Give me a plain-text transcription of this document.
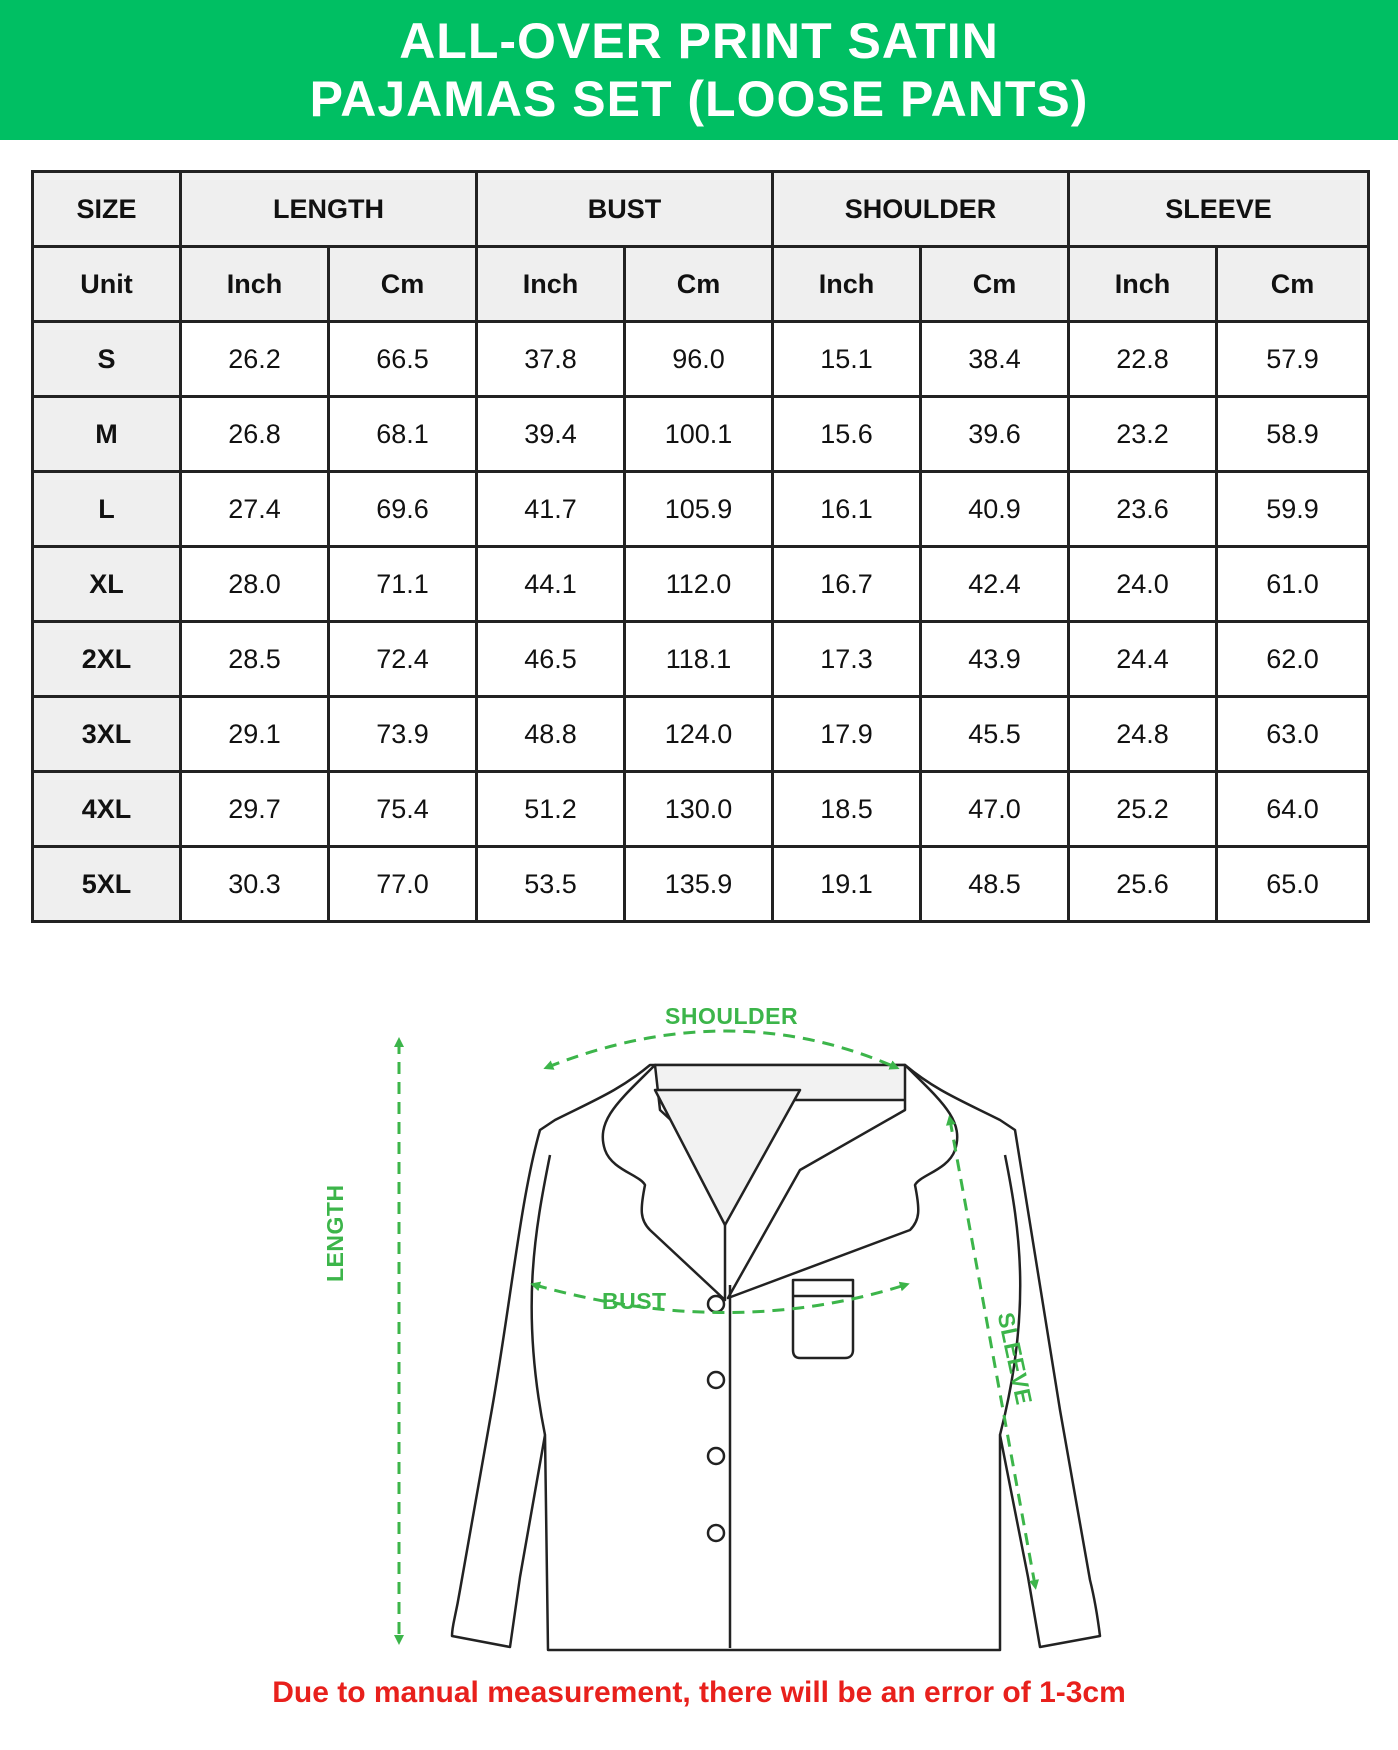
ALL-OVER PRINT SATIN
PAJAMAS SET (LOOSE PANTS)
SIZE	LENGTH		BUST		SHOULDER		SLEEVE	
Unit	Inch	Cm	Inch	Cm	Inch	Cm	Inch	Cm
S	26.2	66.5	37.8	96.0	15.1	38.4	22.8	57.9
M	26.8	68.1	39.4	100.1	15.6	39.6	23.2	58.9
L	27.4	69.6	41.7	105.9	16.1	40.9	23.6	59.9
XL	28.0	71.1	44.1	112.0	16.7	42.4	24.0	61.0
2XL	28.5	72.4	46.5	118.1	17.3	43.9	24.4	62.0
3XL	29.1	73.9	48.8	124.0	17.9	45.5	24.8	63.0
4XL	29.7	75.4	51.2	130.0	18.5	47.0	25.2	64.0
5XL	30.3	77.0	53.5	135.9	19.1	48.5	25.6	65.0
SHOULDER
BUST
LENGTH
SLEEVE
Due to manual measurement, there will be an error of 1-3cm
